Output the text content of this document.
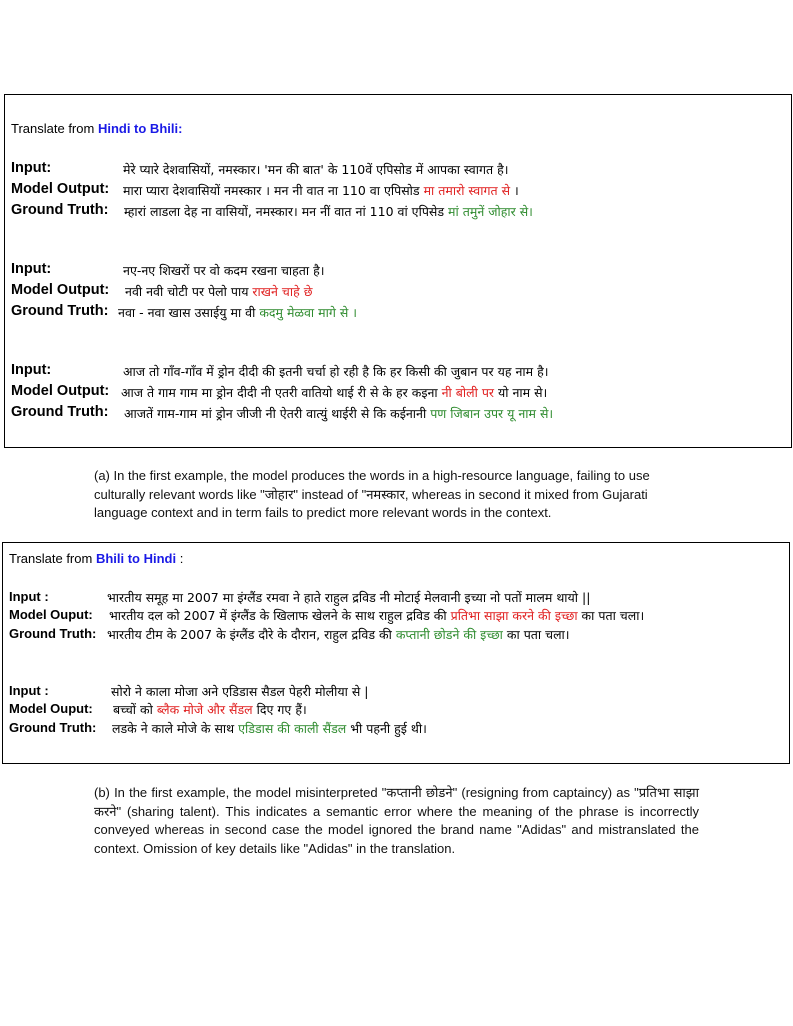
Translate from Hindi to Bhili:
Input:	मेरे प्यारे देशवासियों, नमस्कार। 'मन की बात' के 110वें एपिसोड में आपका स्वागत है।
Model Output: मारा प्यारा देशवासियों नमस्कार । मन नी वात ना 110 वा एपिसोड मा तमारो स्वागत से ।
Ground Truth: म्हारां लाडला देह ना वासियों, नमस्कार। मन नीं वात नां 110 वां एपिसेड मां तमुनें जोहार से।
Input:	नए-नए शिखरों पर वो कदम रखना चाहता है।
Model Output: नवी नवी चोटी पर पेलो पाय राखने चाहे छे
Ground Truth: नवा - नवा खास उसाईयु मा वी कदमु मेळवा मागे से ।
Input:	आज तो गाँव-गाँव में ड्रोन दीदी की इतनी चर्चा हो रही है कि हर किसी की जुबान पर यह नाम है।
Model Output: आज ते गाम गाम मा ड्रोन दीदी नी एतरी वातियो थाई री से के हर कइना नी बोली पर यो नाम से।
Ground Truth: आजतें गाम-गाम मां ड्रोन जीजी नी ऐतरी वात्युं थाईरी से कि कईनानी पण जिबान उपर यू नाम से।
(a) In the first example, the model produces the words in a high-resource language, failing to use culturally relevant words like "जोहार" instead of "नमस्कार, whereas in second it mixed from Gujarati language context and in term fails to predict more relevant words in the context.
Translate from Bhili to Hindi :
Input :	भारतीय समूह मा 2007 मा इंग्लैंड रमवा ने हाते राहुल द्रविड नी मोटाई मेलवानी इच्या नो पतों मालम थायो ||
Model Ouput: भारतीय दल को 2007 में इंग्लैंड के खिलाफ खेलने के साथ राहुल द्रविड की प्रतिभा साझा करने की इच्छा का पता चला।
Ground Truth: भारतीय टीम के 2007 के इंग्लैंड दौरे के दौरान, राहुल द्रविड की कप्तानी छोडने की इच्छा का पता चला।
Input :	सोरो ने काला मोजा अने एडिडास सैडल पेहरी मोलीया से |
Model Ouput: बच्चों को ब्लैक मोजे और सैंडल दिए गए हैं।
Ground Truth: लडके ने काले मोजे के साथ एडिडास की काली सैंडल भी पहनी हुई थी।
(b) In the first example, the model misinterpreted "कप्तानी छोडने" (resigning from captaincy) as "प्रतिभा साझा करने" (sharing talent). This indicates a semantic error where the meaning of the phrase is incorrectly conveyed whereas in second case the model ignored the brand name "Adidas" and mistranslated the context. Omission of key details like "Adidas" in the translation.
